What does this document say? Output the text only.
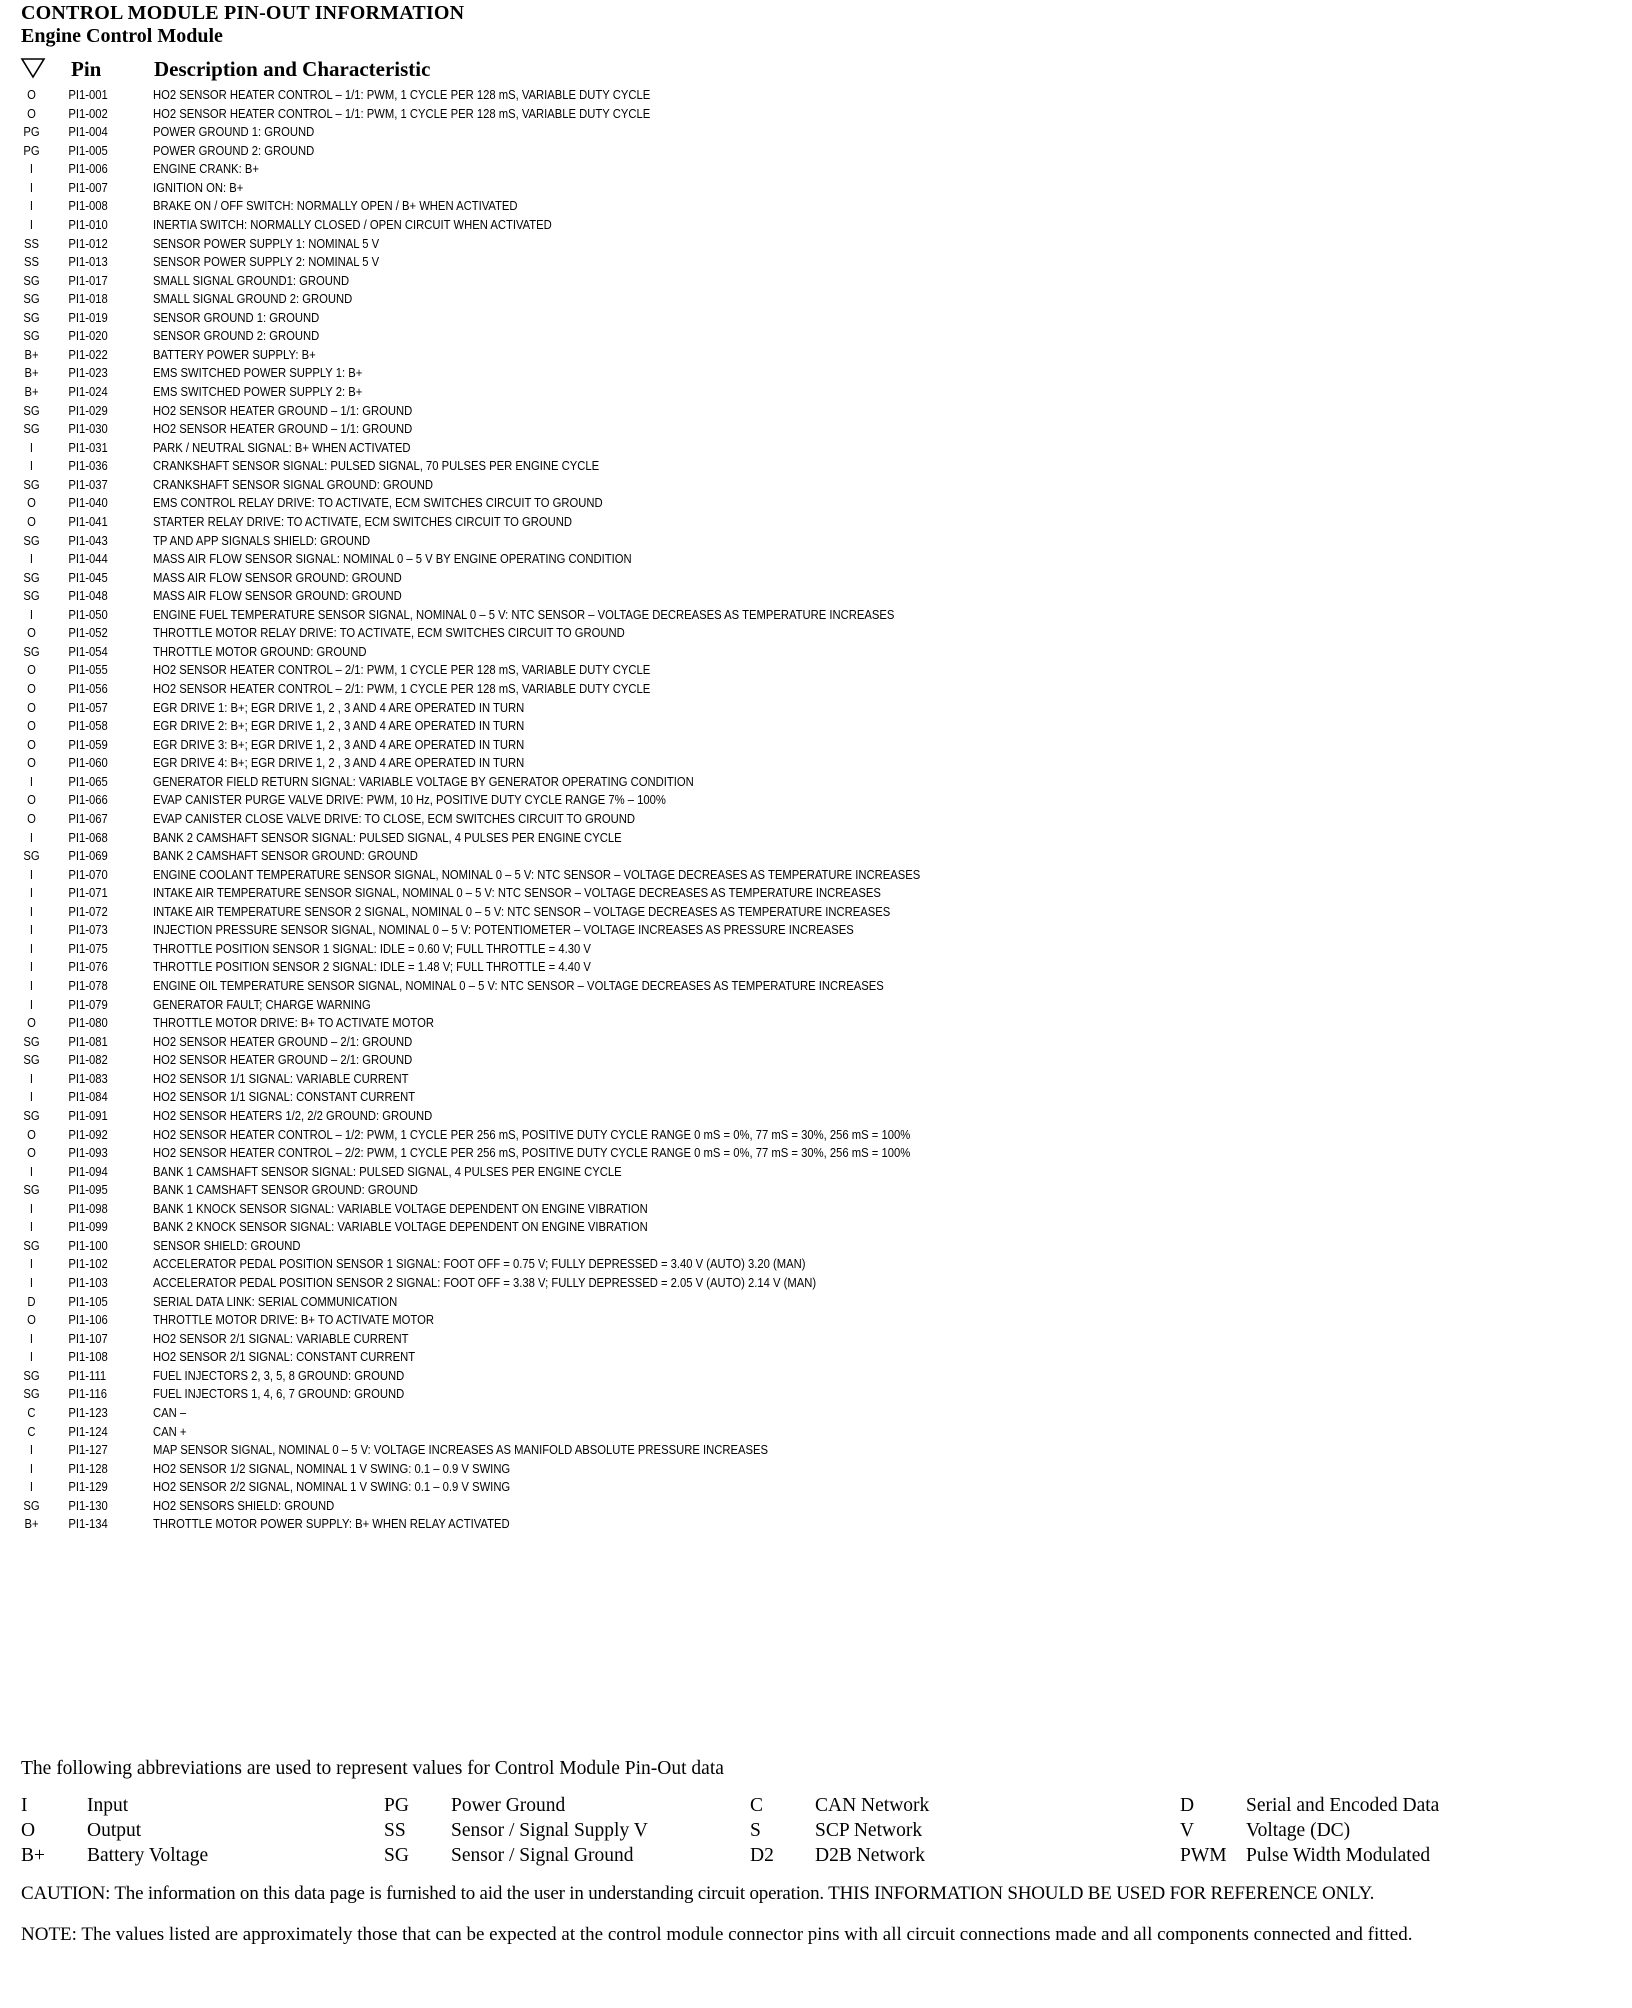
CONTROL MODULE PIN-OUT INFORMATION
Engine Control Module
Pin	Description and Characteristic
O	PI1-001	HO2 SENSOR HEATER CONTROL – 1/1: PWM, 1 CYCLE PER 128 mS, VARIABLE DUTY CYCLE
O	PI1-002	HO2 SENSOR HEATER CONTROL – 1/1: PWM, 1 CYCLE PER 128 mS, VARIABLE DUTY CYCLE
PG	PI1-004	POWER GROUND 1: GROUND
PG	PI1-005	POWER GROUND 2: GROUND
I	PI1-006	ENGINE CRANK: B+
I	PI1-007	IGNITION ON: B+
I	PI1-008	BRAKE ON / OFF SWITCH: NORMALLY OPEN / B+ WHEN ACTIVATED
I	PI1-010	INERTIA SWITCH: NORMALLY CLOSED / OPEN CIRCUIT WHEN ACTIVATED
SS	PI1-012	SENSOR POWER SUPPLY 1: NOMINAL 5 V
SS	PI1-013	SENSOR POWER SUPPLY 2: NOMINAL 5 V
SG	PI1-017	SMALL SIGNAL GROUND1: GROUND
SG	PI1-018	SMALL SIGNAL GROUND 2: GROUND
SG	PI1-019	SENSOR GROUND 1: GROUND
SG	PI1-020	SENSOR GROUND 2: GROUND
B+	PI1-022	BATTERY POWER SUPPLY: B+
B+	PI1-023	EMS SWITCHED POWER SUPPLY 1: B+
B+	PI1-024	EMS SWITCHED POWER SUPPLY 2: B+
SG	PI1-029	HO2 SENSOR HEATER GROUND – 1/1: GROUND
SG	PI1-030	HO2 SENSOR HEATER GROUND – 1/1: GROUND
I	PI1-031	PARK / NEUTRAL SIGNAL: B+ WHEN ACTIVATED
I	PI1-036	CRANKSHAFT SENSOR SIGNAL: PULSED SIGNAL, 70 PULSES PER ENGINE CYCLE
SG	PI1-037	CRANKSHAFT SENSOR SIGNAL GROUND: GROUND
O	PI1-040	EMS CONTROL RELAY DRIVE: TO ACTIVATE, ECM SWITCHES CIRCUIT TO GROUND
O	PI1-041	STARTER RELAY DRIVE: TO ACTIVATE, ECM SWITCHES CIRCUIT TO GROUND
SG	PI1-043	TP AND APP SIGNALS SHIELD: GROUND
I	PI1-044	MASS AIR FLOW SENSOR SIGNAL: NOMINAL 0 – 5 V BY ENGINE OPERATING CONDITION
SG	PI1-045	MASS AIR FLOW SENSOR GROUND: GROUND
SG	PI1-048	MASS AIR FLOW SENSOR GROUND: GROUND
I	PI1-050	ENGINE FUEL TEMPERATURE SENSOR SIGNAL, NOMINAL 0 – 5 V: NTC SENSOR – VOLTAGE DECREASES AS TEMPERATURE INCREASES
O	PI1-052	THROTTLE MOTOR RELAY DRIVE: TO ACTIVATE, ECM SWITCHES CIRCUIT TO GROUND
SG	PI1-054	THROTTLE MOTOR GROUND: GROUND
O	PI1-055	HO2 SENSOR HEATER CONTROL – 2/1: PWM, 1 CYCLE PER 128 mS, VARIABLE DUTY CYCLE
O	PI1-056	HO2 SENSOR HEATER CONTROL – 2/1: PWM, 1 CYCLE PER 128 mS, VARIABLE DUTY CYCLE
O	PI1-057	EGR DRIVE 1: B+; EGR DRIVE 1, 2 , 3 AND 4 ARE OPERATED IN TURN
O	PI1-058	EGR DRIVE 2: B+; EGR DRIVE 1, 2 , 3 AND 4 ARE OPERATED IN TURN
O	PI1-059	EGR DRIVE 3: B+; EGR DRIVE 1, 2 , 3 AND 4 ARE OPERATED IN TURN
O	PI1-060	EGR DRIVE 4: B+; EGR DRIVE 1, 2 , 3 AND 4 ARE OPERATED IN TURN
I	PI1-065	GENERATOR FIELD RETURN SIGNAL: VARIABLE VOLTAGE BY GENERATOR OPERATING CONDITION
O	PI1-066	EVAP CANISTER PURGE VALVE DRIVE: PWM, 10 Hz, POSITIVE DUTY CYCLE RANGE 7% – 100%
O	PI1-067	EVAP CANISTER CLOSE VALVE DRIVE: TO CLOSE, ECM SWITCHES CIRCUIT TO GROUND
I	PI1-068	BANK 2 CAMSHAFT SENSOR SIGNAL: PULSED SIGNAL, 4 PULSES PER ENGINE CYCLE
SG	PI1-069	BANK 2 CAMSHAFT SENSOR GROUND: GROUND
I	PI1-070	ENGINE COOLANT TEMPERATURE SENSOR SIGNAL, NOMINAL 0 – 5 V: NTC SENSOR – VOLTAGE DECREASES AS TEMPERATURE INCREASES
I	PI1-071	INTAKE AIR TEMPERATURE SENSOR SIGNAL, NOMINAL 0 – 5 V: NTC SENSOR – VOLTAGE DECREASES AS TEMPERATURE INCREASES
I	PI1-072	INTAKE AIR TEMPERATURE SENSOR 2 SIGNAL, NOMINAL 0 – 5 V: NTC SENSOR – VOLTAGE DECREASES AS TEMPERATURE INCREASES
I	PI1-073	INJECTION PRESSURE SENSOR SIGNAL, NOMINAL 0 – 5 V: POTENTIOMETER – VOLTAGE INCREASES AS PRESSURE INCREASES
I	PI1-075	THROTTLE POSITION SENSOR 1 SIGNAL: IDLE = 0.60 V; FULL THROTTLE = 4.30 V
I	PI1-076	THROTTLE POSITION SENSOR 2 SIGNAL: IDLE = 1.48 V; FULL THROTTLE = 4.40 V
I	PI1-078	ENGINE OIL TEMPERATURE SENSOR SIGNAL, NOMINAL 0 – 5 V: NTC SENSOR – VOLTAGE DECREASES AS TEMPERATURE INCREASES
I	PI1-079	GENERATOR FAULT; CHARGE WARNING
O	PI1-080	THROTTLE MOTOR DRIVE: B+ TO ACTIVATE MOTOR
SG	PI1-081	HO2 SENSOR HEATER GROUND – 2/1: GROUND
SG	PI1-082	HO2 SENSOR HEATER GROUND – 2/1: GROUND
I	PI1-083	HO2 SENSOR 1/1 SIGNAL: VARIABLE CURRENT
I	PI1-084	HO2 SENSOR 1/1 SIGNAL: CONSTANT CURRENT
SG	PI1-091	HO2 SENSOR HEATERS 1/2, 2/2 GROUND: GROUND
O	PI1-092	HO2 SENSOR HEATER CONTROL – 1/2: PWM, 1 CYCLE PER 256 mS, POSITIVE DUTY CYCLE RANGE 0 mS = 0%, 77 mS = 30%, 256 mS = 100%
O	PI1-093	HO2 SENSOR HEATER CONTROL – 2/2: PWM, 1 CYCLE PER 256 mS, POSITIVE DUTY CYCLE RANGE 0 mS = 0%, 77 mS = 30%, 256 mS = 100%
I	PI1-094	BANK 1 CAMSHAFT SENSOR SIGNAL: PULSED SIGNAL, 4 PULSES PER ENGINE CYCLE
SG	PI1-095	BANK 1 CAMSHAFT SENSOR GROUND: GROUND
I	PI1-098	BANK 1 KNOCK SENSOR SIGNAL: VARIABLE VOLTAGE DEPENDENT ON ENGINE VIBRATION
I	PI1-099	BANK 2 KNOCK SENSOR SIGNAL: VARIABLE VOLTAGE DEPENDENT ON ENGINE VIBRATION
SG	PI1-100	SENSOR SHIELD: GROUND
I	PI1-102	ACCELERATOR PEDAL POSITION SENSOR 1 SIGNAL: FOOT OFF = 0.75 V; FULLY DEPRESSED = 3.40 V (AUTO) 3.20 (MAN)
I	PI1-103	ACCELERATOR PEDAL POSITION SENSOR 2 SIGNAL: FOOT OFF = 3.38 V; FULLY DEPRESSED = 2.05 V (AUTO) 2.14 V (MAN)
D	PI1-105	SERIAL DATA LINK: SERIAL COMMUNICATION
O	PI1-106	THROTTLE MOTOR DRIVE: B+ TO ACTIVATE MOTOR
I	PI1-107	HO2 SENSOR 2/1 SIGNAL: VARIABLE CURRENT
I	PI1-108	HO2 SENSOR 2/1 SIGNAL: CONSTANT CURRENT
SG	PI1-111	FUEL INJECTORS 2, 3, 5, 8 GROUND: GROUND
SG	PI1-116	FUEL INJECTORS 1, 4, 6, 7 GROUND: GROUND
C	PI1-123	CAN –
C	PI1-124	CAN +
I	PI1-127	MAP SENSOR SIGNAL, NOMINAL 0 – 5 V: VOLTAGE INCREASES AS MANIFOLD ABSOLUTE PRESSURE INCREASES
I	PI1-128	HO2 SENSOR 1/2 SIGNAL, NOMINAL 1 V SWING: 0.1 – 0.9 V SWING
I	PI1-129	HO2 SENSOR 2/2 SIGNAL, NOMINAL 1 V SWING: 0.1 – 0.9 V SWING
SG	PI1-130	HO2 SENSORS SHIELD: GROUND
B+	PI1-134	THROTTLE MOTOR POWER SUPPLY: B+ WHEN RELAY ACTIVATED
The following abbreviations are used to represent values for Control Module Pin-Out data
I	Input	PG Power Ground	C	CAN Network	D	Serial and Encoded Data
O	Output	SS Sensor / Signal Supply V	S	SCP Network	V	Voltage (DC)
B+ Battery Voltage	SG Sensor / Signal Ground	D2 D2B Network	PWM Pulse Width Modulated
CAUTION: The information on this data page is furnished to aid the user in understanding circuit operation. THIS INFORMATION SHOULD BE USED FOR REFERENCE ONLY.
NOTE: The values listed are approximately those that can be expected at the control module connector pins with all circuit connections made and all components connected and fitted.
